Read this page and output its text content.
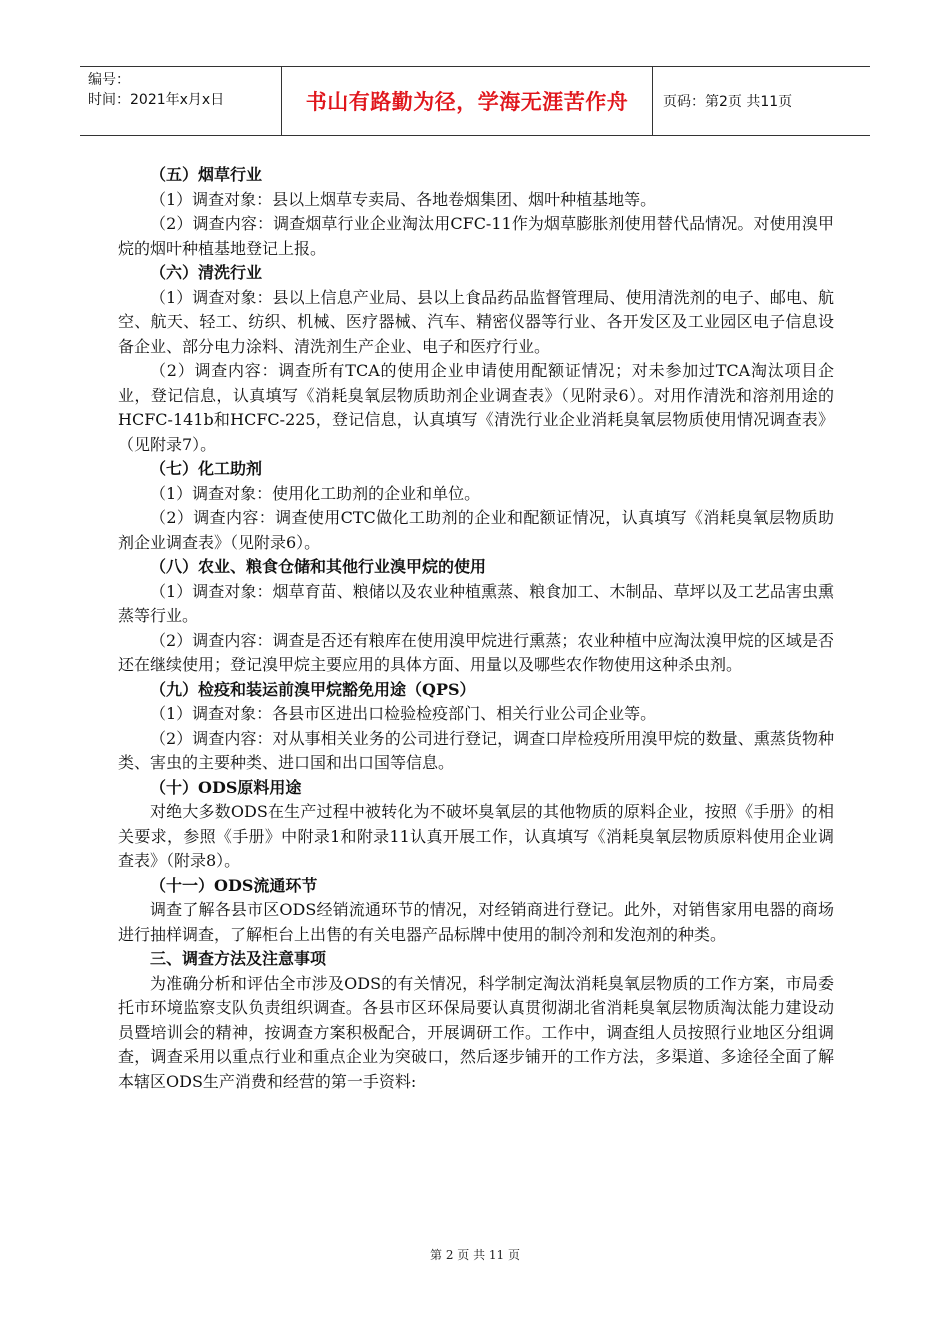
编号：
时间：2021年x月x日	书山有路勤为径，学海无涯苦作舟	页码：第2页 共11页

（五）烟草行业

（1）调查对象：县以上烟草专卖局、各地卷烟集团、烟叶种植基地等。

（2）调查内容：调查烟草行业企业淘汰用CFC-11作为烟草膨胀剂使用替代品情况。对使用溴甲烷的烟叶种植基地登记上报。

（六）清洗行业

（1）调查对象：县以上信息产业局、县以上食品药品监督管理局、使用清洗剂的电子、邮电、航空、航天、轻工、纺织、机械、医疗器械、汽车、精密仪器等行业、各开发区及工业园区电子信息设备企业、部分电力涂料、清洗剂生产企业、电子和医疗行业。

（2）调查内容：调查所有TCA的使用企业申请使用配额证情况；对未参加过TCA淘汰项目企业，登记信息，认真填写《消耗臭氧层物质助剂企业调查表》（见附录6）。对用作清洗和溶剂用途的HCFC-141b和HCFC-225，登记信息，认真填写《清洗行业企业消耗臭氧层物质使用情况调查表》（见附录7）。

（七）化工助剂

（1）调查对象：使用化工助剂的企业和单位。

（2）调查内容：调查使用CTC做化工助剂的企业和配额证情况，认真填写《消耗臭氧层物质助剂企业调查表》（见附录6）。

（八）农业、粮食仓储和其他行业溴甲烷的使用

（1）调查对象：烟草育苗、粮储以及农业种植熏蒸、粮食加工、木制品、草坪以及工艺品害虫熏蒸等行业。

（2）调查内容：调查是否还有粮库在使用溴甲烷进行熏蒸；农业种植中应淘汰溴甲烷的区域是否还在继续使用；登记溴甲烷主要应用的具体方面、用量以及哪些农作物使用这种杀虫剂。

（九）检疫和装运前溴甲烷豁免用途（QPS）

（1）调查对象：各县市区进出口检验检疫部门、相关行业公司企业等。

（2）调查内容：对从事相关业务的公司进行登记，调查口岸检疫所用溴甲烷的数量、熏蒸货物种类、害虫的主要种类、进口国和出口国等信息。

（十）ODS原料用途

对绝大多数ODS在生产过程中被转化为不破坏臭氧层的其他物质的原料企业，按照《手册》的相关要求，参照《手册》中附录1和附录11认真开展工作，认真填写《消耗臭氧层物质原料使用企业调查表》（附录8）。

（十一）ODS流通环节

调查了解各县市区ODS经销流通环节的情况，对经销商进行登记。此外，对销售家用电器的商场进行抽样调查，了解柜台上出售的有关电器产品标牌中使用的制冷剂和发泡剂的种类。

三、调查方法及注意事项

为准确分析和评估全市涉及ODS的有关情况，科学制定淘汰消耗臭氧层物质的工作方案，市局委托市环境监察支队负责组织调查。各县市区环保局要认真贯彻湖北省消耗臭氧层物质淘汰能力建设动员暨培训会的精神，按调查方案积极配合，开展调研工作。工作中，调查组人员按照行业地区分组调查，调查采用以重点行业和重点企业为突破口，然后逐步铺开的工作方法，多渠道、多途径全面了解本辖区ODS生产消费和经营的第一手资料:

第 2 页 共 11 页
